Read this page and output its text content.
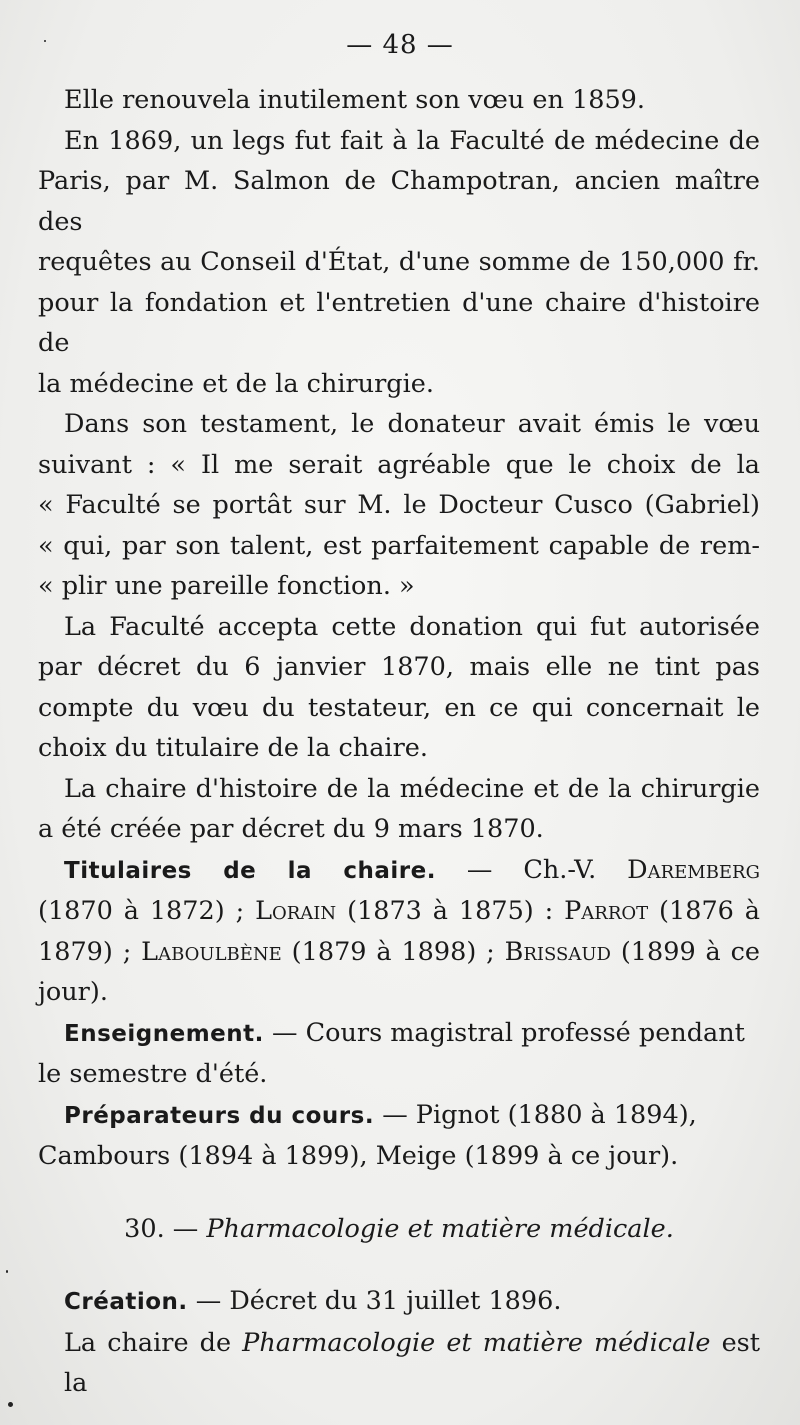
— 48 —
Elle renouvela inutilement son vœu en 1859.
En 1869, un legs fut fait à la Faculté de médecine de
Paris, par M. Salmon de Champotran, ancien maître des
requêtes au Conseil d'État, d'une somme de 150,000 fr.
pour la fondation et l'entretien d'une chaire d'histoire de
la médecine et de la chirurgie.
Dans son testament, le donateur avait émis le vœu
suivant : « Il me serait agréable que le choix de la
« Faculté se portât sur M. le Docteur Cusco (Gabriel)
« qui, par son talent, est parfaitement capable de rem-
« plir une pareille fonction. »
La Faculté accepta cette donation qui fut autorisée
par décret du 6 janvier 1870, mais elle ne tint pas
compte du vœu du testateur, en ce qui concernait le
choix du titulaire de la chaire.
La chaire d'histoire de la médecine et de la chirurgie
a été créée par décret du 9 mars 1870.
Titulaires de la chaire. — Ch.-V. Daremberg
(1870 à 1872) ; Lorain (1873 à 1875) : Parrot (1876 à
1879) ; Laboulbène (1879 à 1898) ; Brissaud (1899 à ce
jour).
Enseignement. — Cours magistral professé pendant
le semestre d'été.
Préparateurs du cours. — Pignot (1880 à 1894),
Cambours (1894 à 1899), Meige (1899 à ce jour).
30. — Pharmacologie et matière médicale.
Création. — Décret du 31 juillet 1896.
La chaire de Pharmacologie et matière médicale est la
